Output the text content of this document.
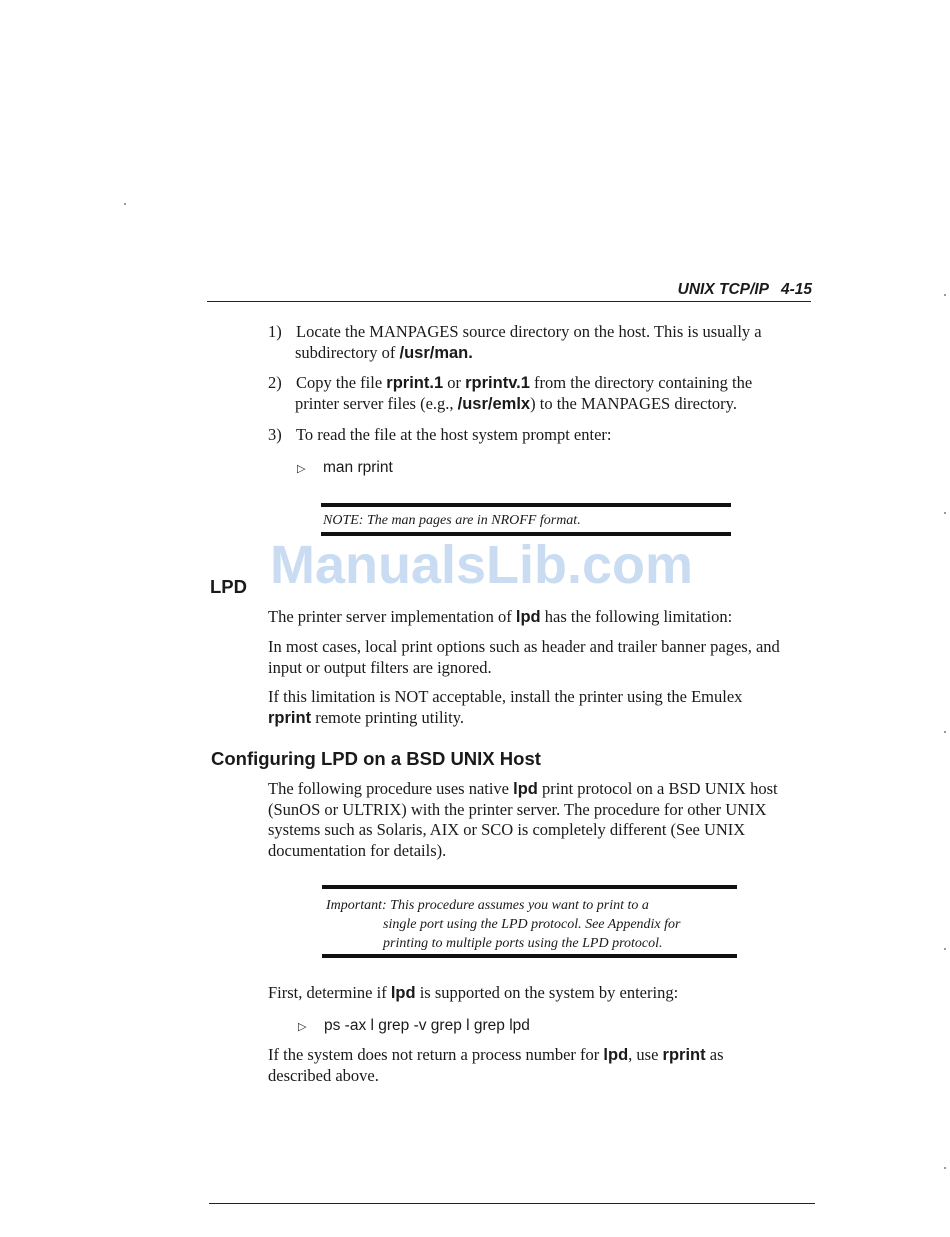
UNIX TCP/IP 4-15
1) Locate the MANPAGES source directory on the host. This is usually a
subdirectory of /usr/man.
2) Copy the file rprint.1 or rprintv.1 from the directory containing the
printer server files (e.g., /usr/emlx) to the MANPAGES directory.
3) To read the file at the host system prompt enter:
▷ man rprint
NOTE: The man pages are in NROFF format.
ManualsLib.com
LPD
The printer server implementation of lpd has the following limitation:
In most cases, local print options such as header and trailer banner pages, and
input or output filters are ignored.
If this limitation is NOT acceptable, install the printer using the Emulex
rprint remote printing utility.
Configuring LPD on a BSD UNIX Host
The following procedure uses native lpd print protocol on a BSD UNIX host
(SunOS or ULTRIX) with the printer server. The procedure for other UNIX
systems such as Solaris, AIX or SCO is completely different (See UNIX
documentation for details).
Important: This procedure assumes you want to print to a

single port using the LPD protocol. See Appendix for
printing to multiple ports using the LPD protocol.
First, determine if lpd is supported on the system by entering:
▷ ps -ax l grep -v grep l grep lpd
If the system does not return a process number for lpd, use rprint as
described above.
